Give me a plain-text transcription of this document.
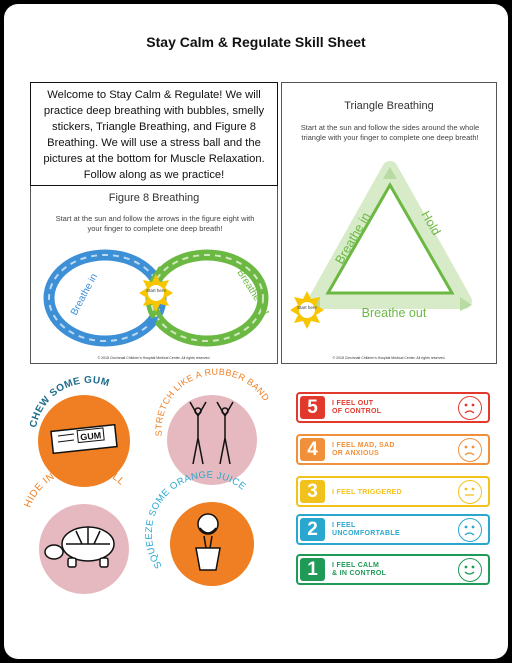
Stay Calm & Regulate Skill Sheet
Welcome to Stay Calm & Regulate! We will practice deep breathing with bubbles, smelly stickers, Triangle Breathing, and Figure 8 Breathing. We will use a stress ball and the pictures at the bottom for Muscle Relaxation. Follow along as we practice!
Figure 8 Breathing
Start at the sun and follow the arrows in the figure eight with your finger to complete one deep breath!
Start here
Breathe in	Breathe out
© 2018 Cincinnati Children's Hospital Medical Center. All rights reserved.
Triangle Breathing
Start at the sun and follow the sides around the whole triangle with your finger to complete one deep breath!
Breathe in	Hold
Breathe out
Start here
© 2018 Cincinnati Children's Hospital Medical Center. All rights reserved.
CHEW SOME GUM
GUM	STRETCH LIKE A RUBBER BAND
HIDE IN YOUR SHELL
SQUEEZE SOME ORANGE JUICE
5	I FEEL OUT
OF CONTROL
4	I FEEL MAD, SAD
OR ANXIOUS
3	I FEEL TRIGGERED
2	I FEEL
UNCOMFORTABLE
1	I FEEL CALM
& IN CONTROL
